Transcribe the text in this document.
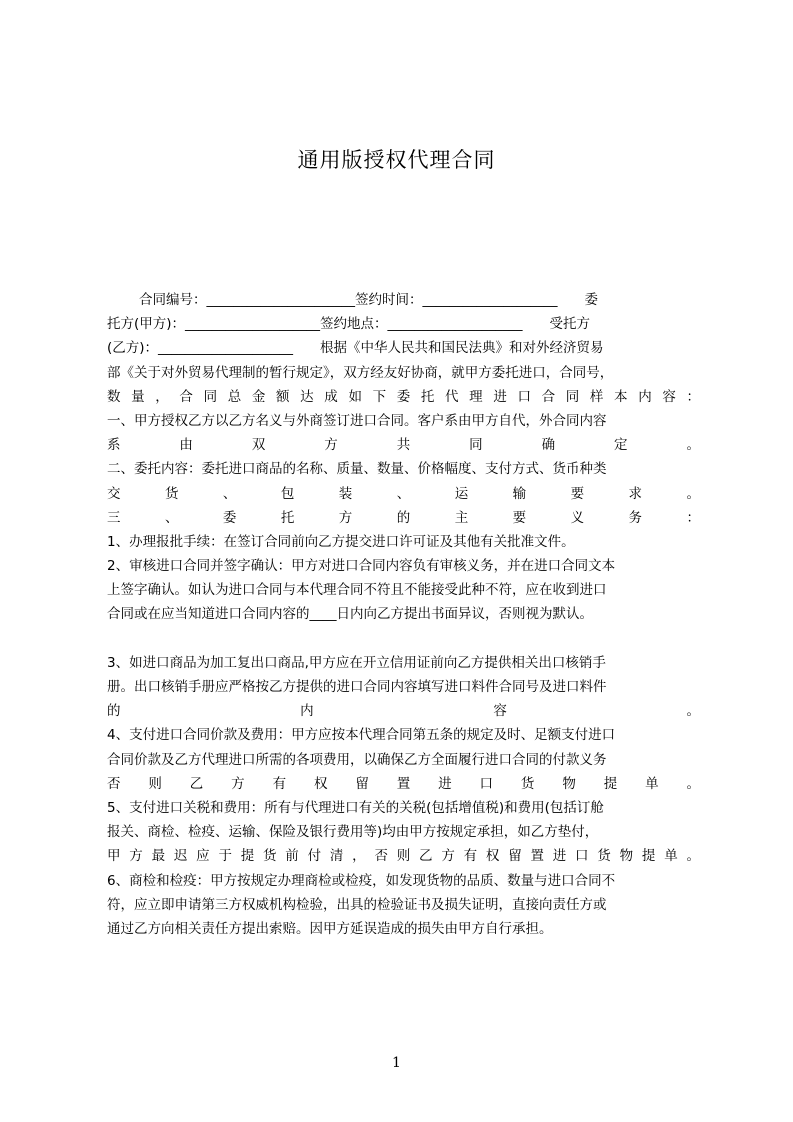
通用版授权代理合同
合同编号：______________________签约时间：____________________　　委
托方(甲方)：____________________签约地点：____________________　　受托方
(乙方)：____________________　　根据《中华人民共和国民法典》和对外经济贸易
部《关于对外贸易代理制的暂行规定》，双方经友好协商，就甲方委托进口，合同号，
数量，合同总金额达成如下委托代理进口合同样本内容：
一、甲方授权乙方以乙方名义与外商签订进口合同。客户系由甲方自代，外合同内容
系由双方共同确定。
二、委托内容：委托进口商品的名称、质量、数量、价格幅度、支付方式、货币种类
交货、包装、运输要求。
三、委托方的主要义务：
1、办理报批手续：在签订合同前向乙方提交进口许可证及其他有关批准文件。
2、审核进口合同并签字确认：甲方对进口合同内容负有审核义务，并在进口合同文本
上签字确认。如认为进口合同与本代理合同不符且不能接受此种不符，应在收到进口
合同或在应当知道进口合同内容的____日内向乙方提出书面异议，否则视为默认。
3、如进口商品为加工复出口商品,甲方应在开立信用证前向乙方提供相关出口核销手
册。出口核销手册应严格按乙方提供的进口合同内容填写进口料件合同号及进口料件
的内容。
4、支付进口合同价款及费用：甲方应按本代理合同第五条的规定及时、足额支付进口
合同价款及乙方代理进口所需的各项费用，以确保乙方全面履行进口合同的付款义务
否则乙方有权留置进口货物提单。
5、支付进口关税和费用：所有与代理进口有关的关税(包括增值税)和费用(包括订舱
报关、商检、检疫、运输、保险及银行费用等)均由甲方按规定承担，如乙方垫付，
甲方最迟应于提货前付清，否则乙方有权留置进口货物提单。
6、商检和检疫：甲方按规定办理商检或检疫，如发现货物的品质、数量与进口合同不
符，应立即申请第三方权威机构检验，出具的检验证书及损失证明，直接向责任方或
通过乙方向相关责任方提出索赔。因甲方延误造成的损失由甲方自行承担。
1
